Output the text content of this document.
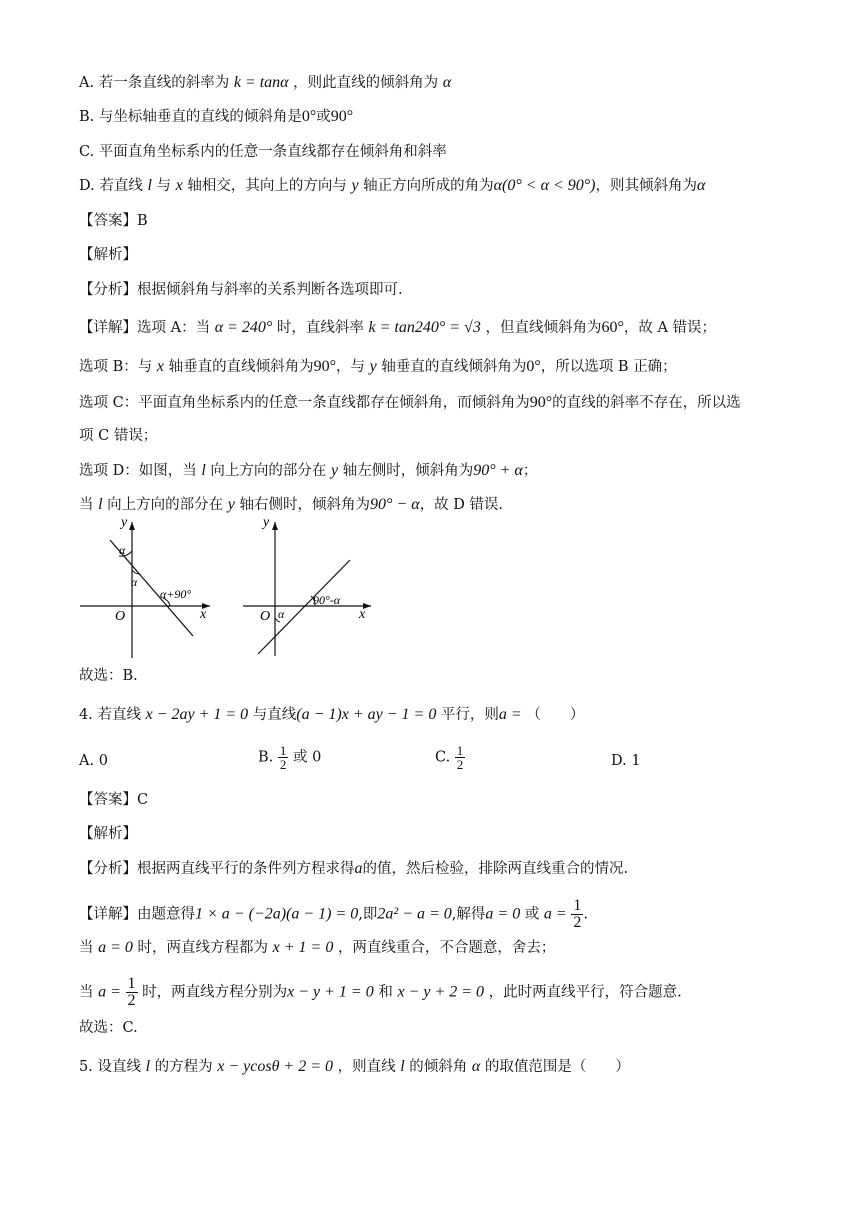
A. 若一条直线的斜率为 k = tanα ，则此直线的倾斜角为 α
B. 与坐标轴垂直的直线的倾斜角是0°或90°
C. 平面直角坐标系内的任意一条直线都存在倾斜角和斜率
D. 若直线 l 与 x 轴相交，其向上的方向与 y 轴正方向所成的角为α(0° < α < 90°)，则其倾斜角为α
【答案】B
【解析】
【分析】根据倾斜角与斜率的关系判断各选项即可.
【详解】选项 A：当 α = 240° 时，直线斜率 k = tan240° = √3 ，但直线倾斜角为60°，故 A 错误；
选项 B：与 x 轴垂直的直线倾斜角为90°，与 y 轴垂直的直线倾斜角为0°，所以选项 B 正确；
选项 C：平面直角坐标系内的任意一条直线都存在倾斜角，而倾斜角为90°的直线的斜率不存在，所以选
项 C 错误；
选项 D：如图，当 l 向上方向的部分在 y 轴左侧时，倾斜角为90° + α；
当 l 向上方向的部分在 y 轴右侧时，倾斜角为90° − α，故 D 错误.
y
x
O
α
α
α+90°
y
x
O α
90°-α
故选：B.
4. 若直线 x − 2ay + 1 = 0 与直线(a − 1)x + ay − 1 = 0 平行，则a = （　　）
A. 0	B. $\frac{1}{2}$ 或 0	C. $\frac{1}{2}$	D. 1
【答案】C
【解析】
【分析】根据两直线平行的条件列方程求得a的值，然后检验，排除两直线重合的情况.
【详解】由题意得1 × a − (−2a)(a − 1) = 0,即2a² − a = 0,解得a = 0 或 $a = \frac{1}{2}$ .
当 a = 0 时，两直线方程都为 x + 1 = 0 ，两直线重合，不合题意，舍去；
当 $a = \frac{1}{2}$ 时，两直线方程分别为x − y + 1 = 0 和 x − y + 2 = 0 ，此时两直线平行，符合题意.
故选：C.
5. 设直线 l 的方程为 x − ycosθ + 2 = 0 ，则直线 l 的倾斜角 α 的取值范围是（　　）
